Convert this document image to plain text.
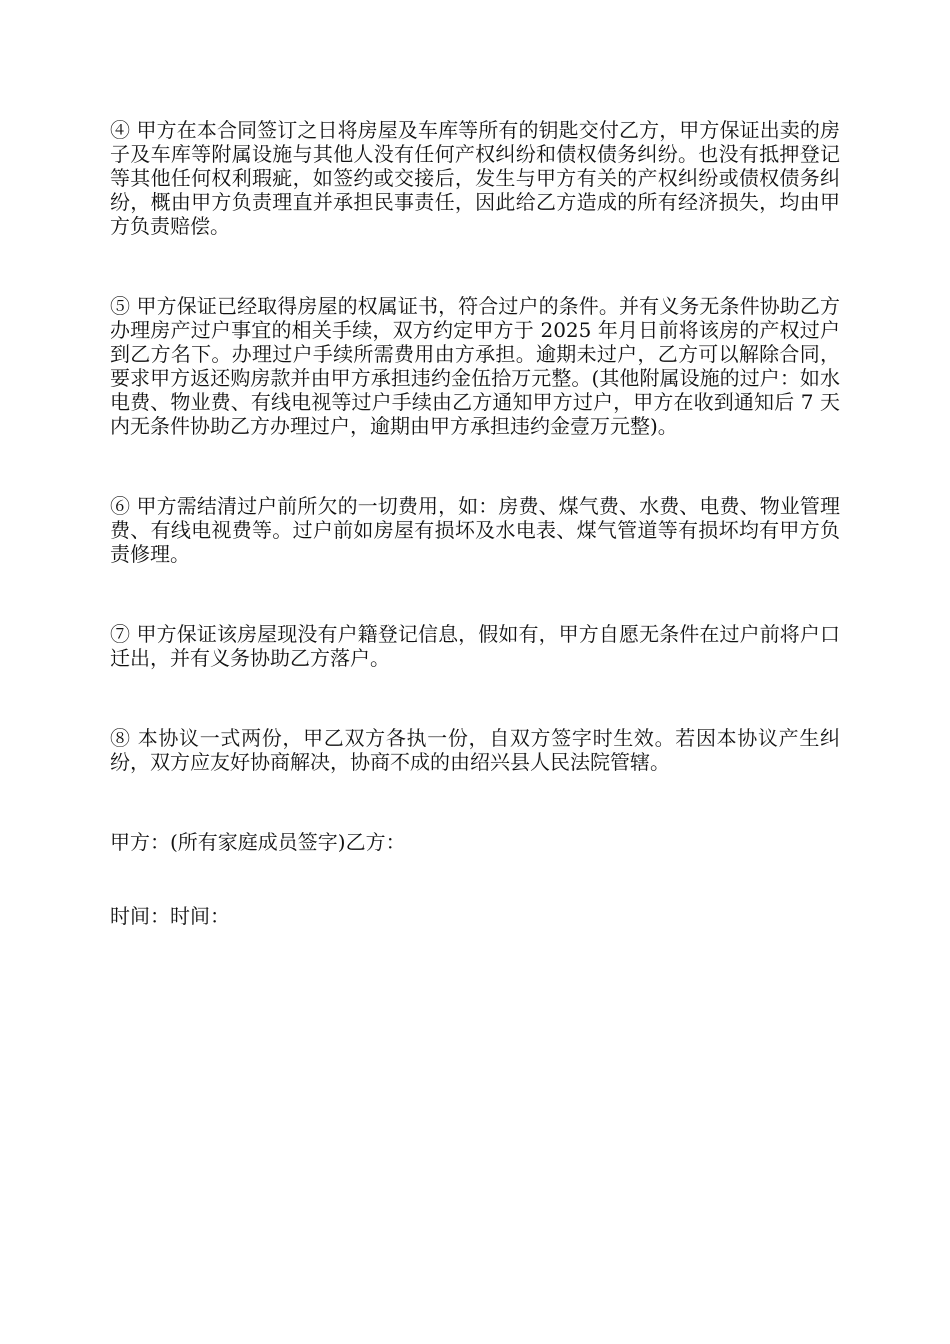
④ 甲方在本合同签订之日将房屋及车库等所有的钥匙交付乙方，甲方保证出卖的房子及车库等附属设施与其他人没有任何产权纠纷和债权债务纠纷。也没有抵押登记等其他任何权利瑕疵，如签约或交接后，发生与甲方有关的产权纠纷或债权债务纠纷，概由甲方负责理直并承担民事责任，因此给乙方造成的所有经济损失，均由甲方负责赔偿。

⑤ 甲方保证已经取得房屋的权属证书，符合过户的条件。并有义务无条件协助乙方办理房产过户事宜的相关手续，双方约定甲方于 2025 年月日前将该房的产权过户到乙方名下。办理过户手续所需费用由方承担。逾期未过户，乙方可以解除合同，要求甲方返还购房款并由甲方承担违约金伍拾万元整。(其他附属设施的过户：如水电费、物业费、有线电视等过户手续由乙方通知甲方过户，甲方在收到通知后 7 天内无条件协助乙方办理过户，逾期由甲方承担违约金壹万元整)。

⑥ 甲方需结清过户前所欠的一切费用，如：房费、煤气费、水费、电费、物业管理费、有线电视费等。过户前如房屋有损坏及水电表、煤气管道等有损坏均有甲方负责修理。

⑦ 甲方保证该房屋现没有户籍登记信息，假如有，甲方自愿无条件在过户前将户口迁出，并有义务协助乙方落户。

⑧ 本协议一式两份，甲乙双方各执一份，自双方签字时生效。若因本协议产生纠纷，双方应友好协商解决，协商不成的由绍兴县人民法院管辖。

甲方：(所有家庭成员签字)乙方：

时间：时间：
